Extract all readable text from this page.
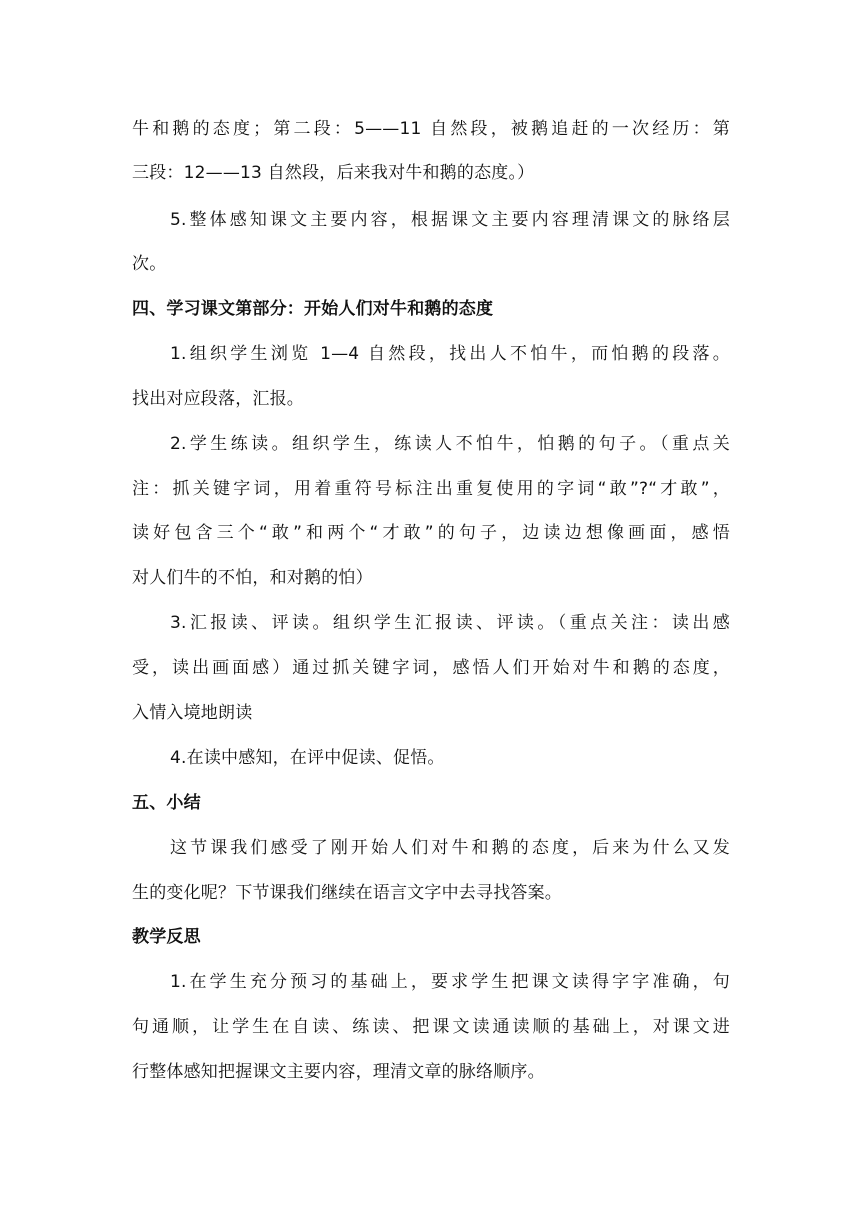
牛和鹅的态度；第二段：5——11 自然段，被鹅追赶的一次经历：第
三段：12——13 自然段，后来我对牛和鹅的态度。）
5.整体感知课文主要内容，根据课文主要内容理清课文的脉络层
次。
四、学习课文第部分：开始人们对牛和鹅的态度
1.组织学生浏览 1—4 自然段，找出人不怕牛，而怕鹅的段落。
找出对应段落，汇报。
2.学生练读。组织学生，练读人不怕牛，怕鹅的句子。（重点关
注：抓关键字词，用着重符号标注出重复使用的字词“敢”?“才敢”，
读好包含三个“敢”和两个“才敢”的句子，边读边想像画面，感悟
对人们牛的不怕，和对鹅的怕）
3.汇报读、评读。组织学生汇报读、评读。（重点关注：读出感
受，读出画面感）通过抓关键字词，感悟人们开始对牛和鹅的态度，
入情入境地朗读
4.在读中感知，在评中促读、促悟。
五、小结
这节课我们感受了刚开始人们对牛和鹅的态度，后来为什么又发
生的变化呢？下节课我们继续在语言文字中去寻找答案。
教学反思
1.在学生充分预习的基础上，要求学生把课文读得字字准确，句
句通顺，让学生在自读、练读、把课文读通读顺的基础上，对课文进
行整体感知把握课文主要内容，理清文章的脉络顺序。
